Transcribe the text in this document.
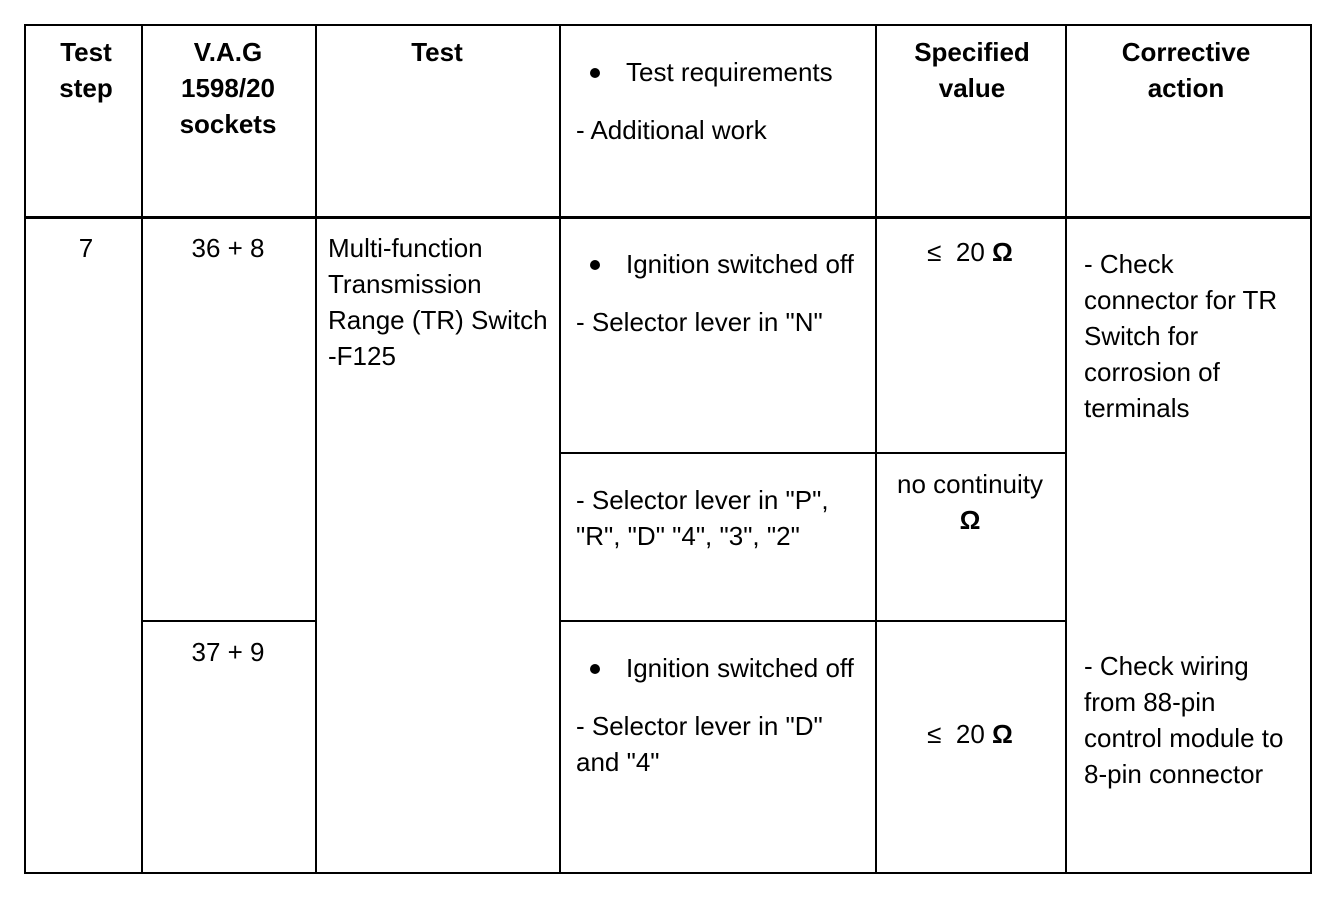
Test step
V.A.G 1598/20 sockets
Test
Test requirements
- Additional work
Specified value
Corrective action
7	36 + 8
37 + 9
Multi-function Transmission Range (TR) Switch -F125
Ignition switched off
- Selector lever in "N"
≤ 20 Ω
- Selector lever in "P", "R", "D" "4", "3", "2"
no continuity
Ω
Ignition switched off
- Selector lever in "D" and "4"
≤ 20 Ω
- Check connector for TR Switch for corrosion of terminals
- Check wiring from 88-pin control module to 8-pin connector
